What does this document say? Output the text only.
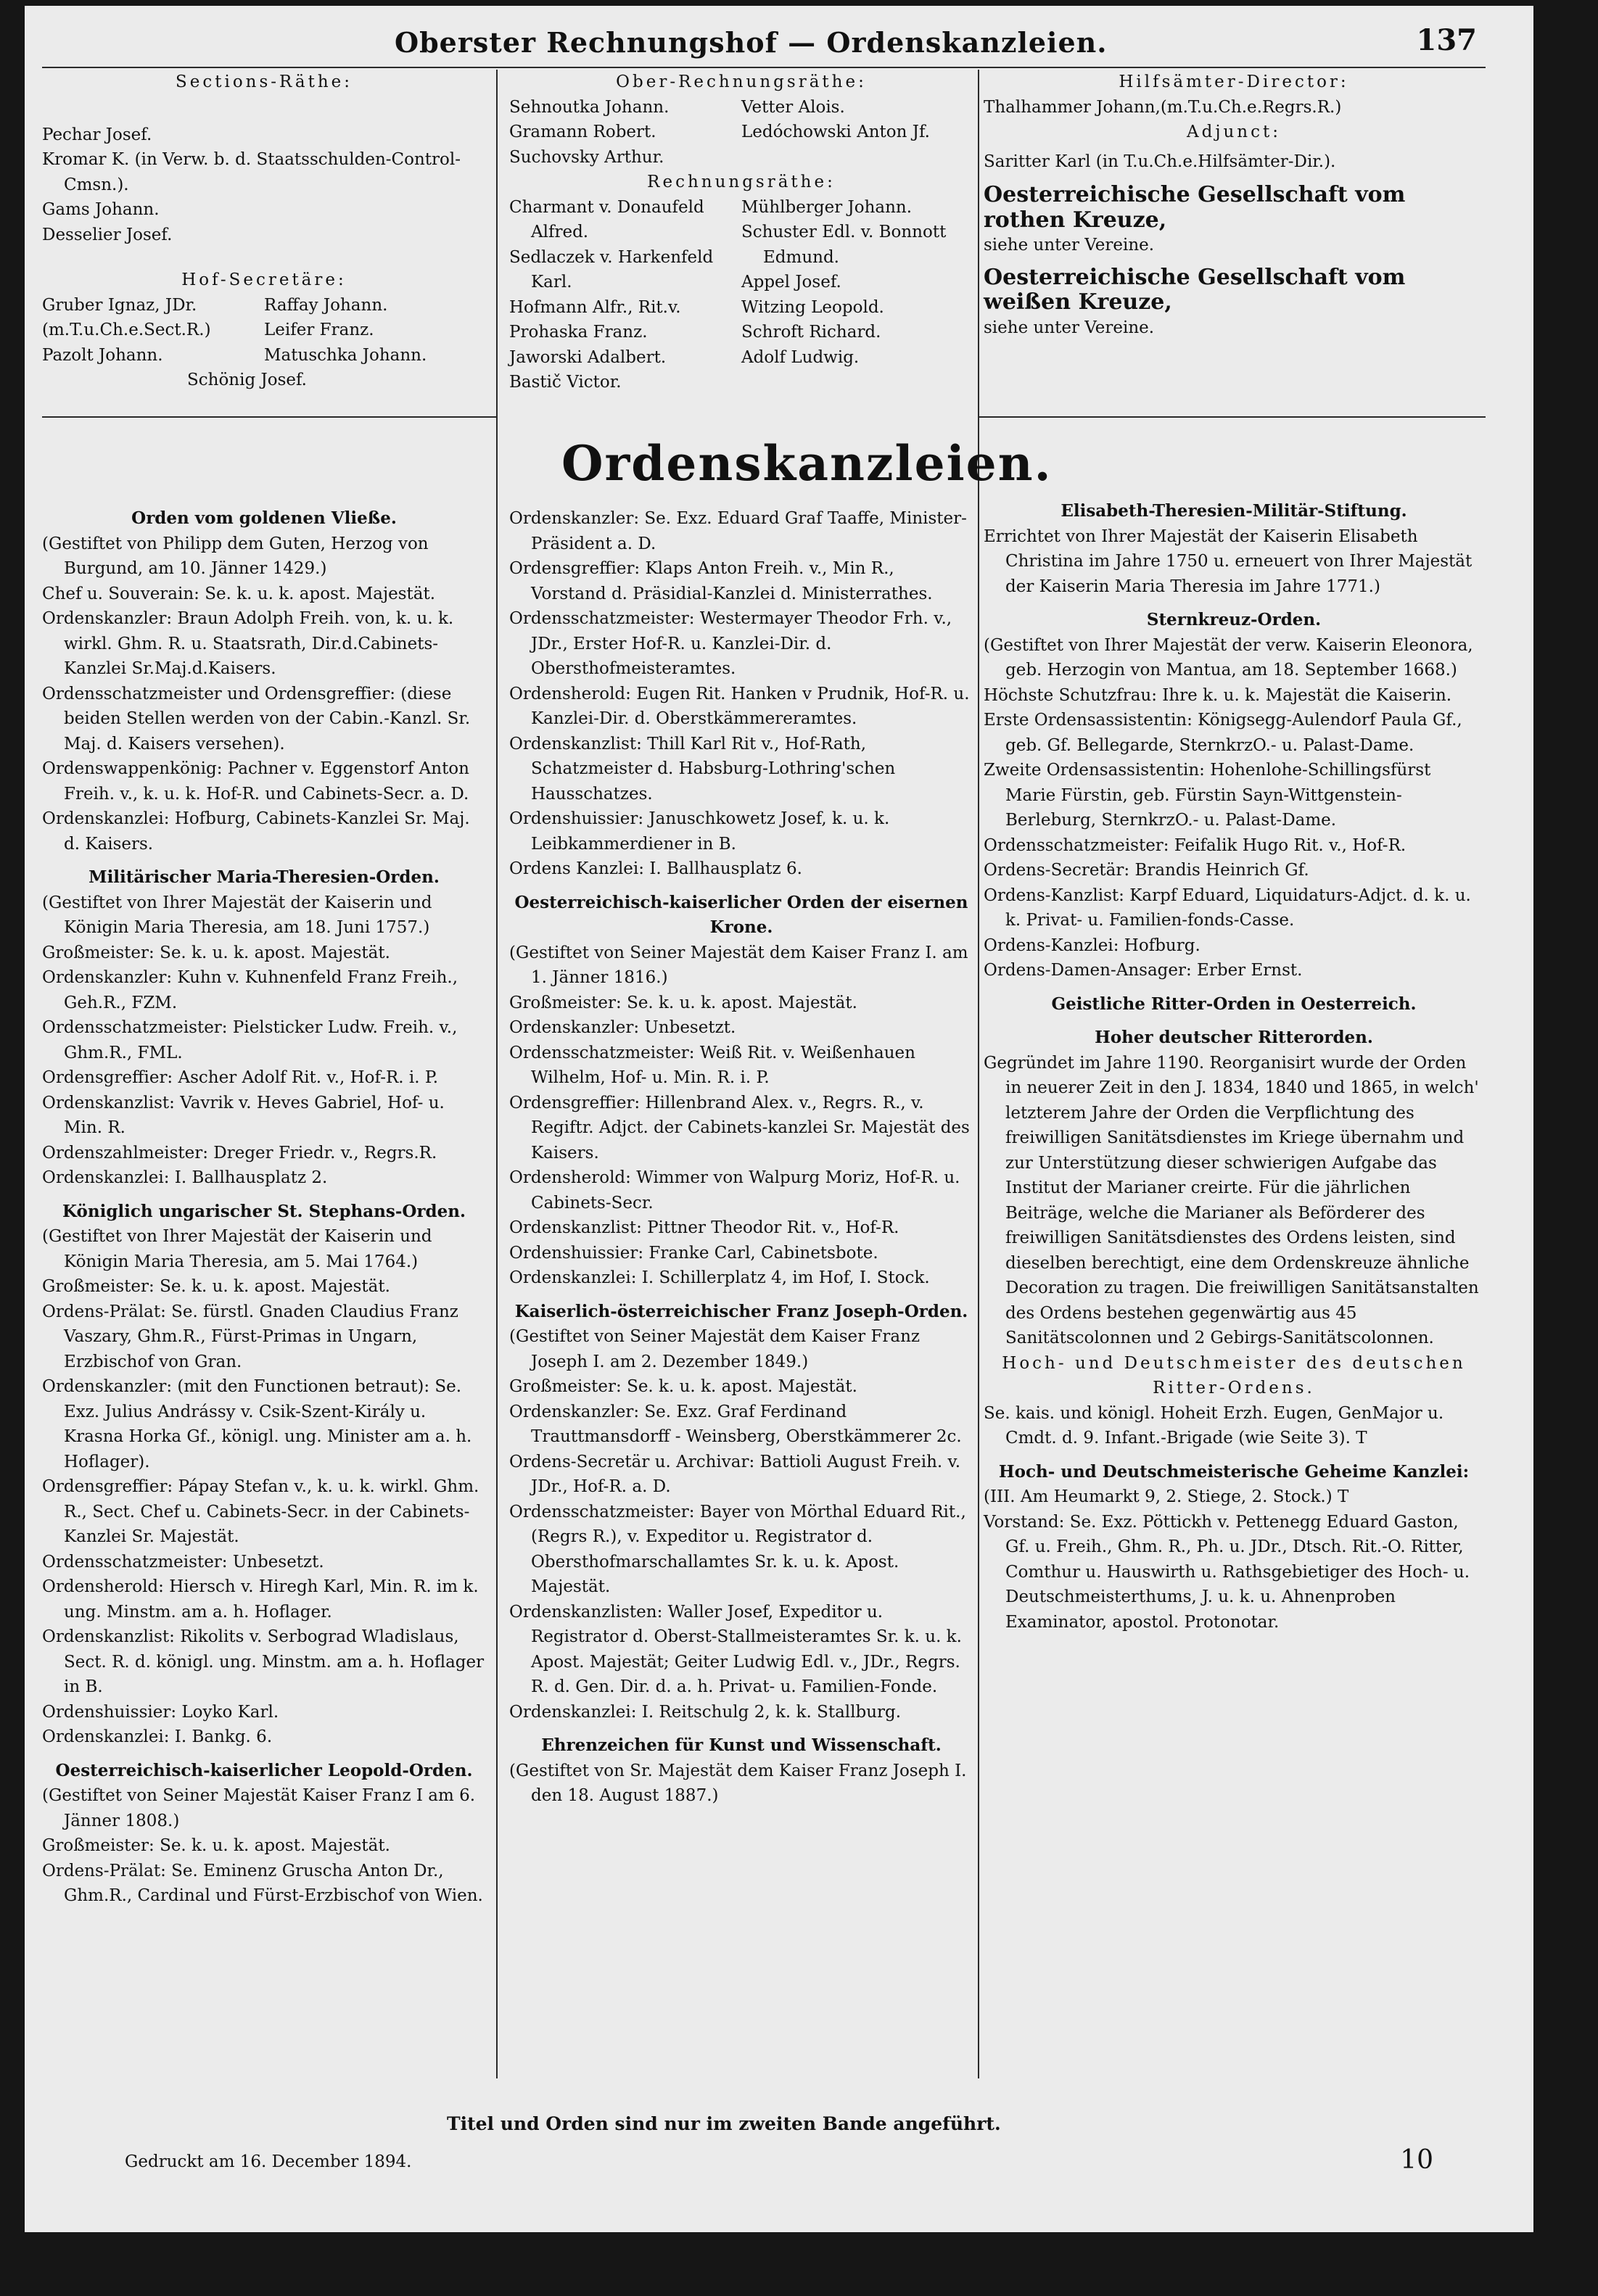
Oberster Rechnungshof — Ordenskanzleien.	137

Sections-Räthe:

Pechar Josef.

Kromar K. (in Verw. b. d. Staatsschulden-Control-Cmsn.).

Gams Johann.

Desselier Josef.

Hof-Secretäre:

Gruber Ignaz, JDr.

(m.T.u.Ch.e.Sect.R.)

Pazolt Johann.

Raffay Johann.

Leifer Franz.

Matuschka Johann.

Schönig Josef.

Ober-Rechnungsräthe:

Sehnoutka Johann.

Gramann Robert.

Suchovsky Arthur.

Vetter Alois.

Ledóchowski Anton Jf.

Rechnungsräthe:

Charmant v. Donaufeld Alfred.

Sedlaczek v. Harkenfeld Karl.

Hofmann Alfr., Rit.v.

Prohaska Franz.

Jaworski Adalbert.

Bastič Victor.

Mühlberger Johann.

Schuster Edl. v. Bonnott Edmund.

Appel Josef.

Witzing Leopold.

Schroft Richard.

Adolf Ludwig.

Hilfsämter-Director:

Thalhammer Johann,(m.T.u.Ch.e.Regrs.R.)

Adjunct:

Saritter Karl (in T.u.Ch.e.Hilfsämter-Dir.).

Oesterreichische Gesellschaft vom rothen Kreuze,

siehe unter Vereine.

Oesterreichische Gesellschaft vom weißen Kreuze,

siehe unter Vereine.

Ordenskanzleien.

Orden vom goldenen Vließe.

(Gestiftet von Philipp dem Guten, Herzog von Burgund, am 10. Jänner 1429.)

Chef u. Souverain: Se. k. u. k. apost. Majestät.

Ordenskanzler: Braun Adolph Freih. von, k. u. k. wirkl. Ghm. R. u. Staatsrath, Dir.d.Cabinets-Kanzlei Sr.Maj.d.Kaisers.

Ordensschatzmeister und Ordensgreffier: (diese beiden Stellen werden von der Cabin.-Kanzl. Sr. Maj. d. Kaisers versehen).

Ordenswappenkönig: Pachner v. Eggenstorf Anton Freih. v., k. u. k. Hof-R. und Cabinets-Secr. a. D.

Ordenskanzlei: Hofburg, Cabinets-Kanzlei Sr. Maj. d. Kaisers.

Militärischer Maria-Theresien-Orden.

(Gestiftet von Ihrer Majestät der Kaiserin und Königin Maria Theresia, am 18. Juni 1757.)

Großmeister: Se. k. u. k. apost. Majestät.

Ordenskanzler: Kuhn v. Kuhnenfeld Franz Freih., Geh.R., FZM.

Ordensschatzmeister: Pielsticker Ludw. Freih. v., Ghm.R., FML.

Ordensgreffier: Ascher Adolf Rit. v., Hof-R. i. P.

Ordenskanzlist: Vavrik v. Heves Gabriel, Hof- u. Min. R.

Ordenszahlmeister: Dreger Friedr. v., Regrs.R.

Ordenskanzlei: I. Ballhausplatz 2.

Königlich ungarischer St. Stephans-Orden.

(Gestiftet von Ihrer Majestät der Kaiserin und Königin Maria Theresia, am 5. Mai 1764.)

Großmeister: Se. k. u. k. apost. Majestät.

Ordens-Prälat: Se. fürstl. Gnaden Claudius Franz Vaszary, Ghm.R., Fürst-Primas in Ungarn, Erzbischof von Gran.

Ordenskanzler: (mit den Functionen betraut): Se. Exz. Julius Andrássy v. Csik-Szent-Király u. Krasna Horka Gf., königl. ung. Minister am a. h. Hoflager).

Ordensgreffier: Pápay Stefan v., k. u. k. wirkl. Ghm. R., Sect. Chef u. Cabinets-Secr. in der Cabinets-Kanzlei Sr. Majestät.

Ordensschatzmeister: Unbesetzt.

Ordensherold: Hiersch v. Hiregh Karl, Min. R. im k. ung. Minstm. am a. h. Hoflager.

Ordenskanzlist: Rikolits v. Serbograd Wladislaus, Sect. R. d. königl. ung. Minstm. am a. h. Hoflager in B.

Ordenshuissier: Loyko Karl.

Ordenskanzlei: I. Bankg. 6.

Oesterreichisch-kaiserlicher Leopold-Orden.

(Gestiftet von Seiner Majestät Kaiser Franz I am 6. Jänner 1808.)

Großmeister: Se. k. u. k. apost. Majestät.

Ordens-Prälat: Se. Eminenz Gruscha Anton Dr., Ghm.R., Cardinal und Fürst-Erzbischof von Wien.

Ordenskanzler: Se. Exz. Eduard Graf Taaffe, Minister-Präsident a. D.

Ordensgreffier: Klaps Anton Freih. v., Min R., Vorstand d. Präsidial-Kanzlei d. Ministerrathes.

Ordensschatzmeister: Westermayer Theodor Frh. v., JDr., Erster Hof-R. u. Kanzlei-Dir. d. Obersthofmeisteramtes.

Ordensherold: Eugen Rit. Hanken v Prudnik, Hof-R. u. Kanzlei-Dir. d. Oberstkämmereramtes.

Ordenskanzlist: Thill Karl Rit v., Hof-Rath, Schatzmeister d. Habsburg-Lothring'schen Hausschatzes.

Ordenshuissier: Januschkowetz Josef, k. u. k. Leibkammerdiener in B.

Ordens Kanzlei: I. Ballhausplatz 6.

Oesterreichisch-kaiserlicher Orden der eisernen Krone.

(Gestiftet von Seiner Majestät dem Kaiser Franz I. am 1. Jänner 1816.)

Großmeister: Se. k. u. k. apost. Majestät.

Ordenskanzler: Unbesetzt.

Ordensschatzmeister: Weiß Rit. v. Weißenhauen Wilhelm, Hof- u. Min. R. i. P.

Ordensgreffier: Hillenbrand Alex. v., Regrs. R., v. Regiftr. Adjct. der Cabinets-kanzlei Sr. Majestät des Kaisers.

Ordensherold: Wimmer von Walpurg Moriz, Hof-R. u. Cabinets-Secr.

Ordenskanzlist: Pittner Theodor Rit. v., Hof-R.

Ordenshuissier: Franke Carl, Cabinetsbote.

Ordenskanzlei: I. Schillerplatz 4, im Hof, I. Stock.

Kaiserlich-österreichischer Franz Joseph-Orden.

(Gestiftet von Seiner Majestät dem Kaiser Franz Joseph I. am 2. Dezember 1849.)

Großmeister: Se. k. u. k. apost. Majestät.

Ordenskanzler: Se. Exz. Graf Ferdinand Trauttmansdorff - Weinsberg, Oberstkämmerer 2c.

Ordens-Secretär u. Archivar: Battioli August Freih. v. JDr., Hof-R. a. D.

Ordensschatzmeister: Bayer von Mörthal Eduard Rit., (Regrs R.), v. Expeditor u. Registrator d. Obersthofmarschallamtes Sr. k. u. k. Apost. Majestät.

Ordenskanzlisten: Waller Josef, Expeditor u. Registrator d. Oberst-Stallmeisteramtes Sr. k. u. k. Apost. Majestät; Geiter Ludwig Edl. v., JDr., Regrs. R. d. Gen. Dir. d. a. h. Privat- u. Familien-Fonde.

Ordenskanzlei: I. Reitschulg 2, k. k. Stallburg.

Ehrenzeichen für Kunst und Wissenschaft.

(Gestiftet von Sr. Majestät dem Kaiser Franz Joseph I. den 18. August 1887.)

Elisabeth-Theresien-Militär-Stiftung.

Errichtet von Ihrer Majestät der Kaiserin Elisabeth Christina im Jahre 1750 u. erneuert von Ihrer Majestät der Kaiserin Maria Theresia im Jahre 1771.)

Sternkreuz-Orden.

(Gestiftet von Ihrer Majestät der verw. Kaiserin Eleonora, geb. Herzogin von Mantua, am 18. September 1668.)

Höchste Schutzfrau: Ihre k. u. k. Majestät die Kaiserin.

Erste Ordensassistentin: Königsegg-Aulendorf Paula Gf., geb. Gf. Bellegarde, SternkrzO.- u. Palast-Dame.

Zweite Ordensassistentin: Hohenlohe-Schillingsfürst Marie Fürstin, geb. Fürstin Sayn-Wittgenstein-Berleburg, SternkrzO.- u. Palast-Dame.

Ordensschatzmeister: Feifalik Hugo Rit. v., Hof-R.

Ordens-Secretär: Brandis Heinrich Gf.

Ordens-Kanzlist: Karpf Eduard, Liquidaturs-Adjct. d. k. u. k. Privat- u. Familien-fonds-Casse.

Ordens-Kanzlei: Hofburg.

Ordens-Damen-Ansager: Erber Ernst.

Geistliche Ritter-Orden in Oesterreich.

Hoher deutscher Ritterorden.

Gegründet im Jahre 1190. Reorganisirt wurde der Orden in neuerer Zeit in den J. 1834, 1840 und 1865, in welch' letzterem Jahre der Orden die Verpflichtung des freiwilligen Sanitätsdienstes im Kriege übernahm und zur Unterstützung dieser schwierigen Aufgabe das Institut der Marianer creirte. Für die jährlichen Beiträge, welche die Marianer als Beförderer des freiwilligen Sanitätsdienstes des Ordens leisten, sind dieselben berechtigt, eine dem Ordenskreuze ähnliche Decoration zu tragen. Die freiwilligen Sanitätsanstalten des Ordens bestehen gegenwärtig aus 45 Sanitätscolonnen und 2 Gebirgs-Sanitätscolonnen.

Hoch- und Deutschmeister des deutschen Ritter-Ordens.

Se. kais. und königl. Hoheit Erzh. Eugen, GenMajor u. Cmdt. d. 9. Infant.-Brigade (wie Seite 3). T

Hoch- und Deutschmeisterische Geheime Kanzlei:

(III. Am Heumarkt 9, 2. Stiege, 2. Stock.) T

Vorstand: Se. Exz. Pöttickh v. Pettenegg Eduard Gaston, Gf. u. Freih., Ghm. R., Ph. u. JDr., Dtsch. Rit.-O. Ritter, Comthur u. Hauswirth u. Rathsgebietiger des Hoch- u. Deutschmeisterthums, J. u. k. u. Ahnenproben Examinator, apostol. Protonotar.

Titel und Orden sind nur im zweiten Bande angeführt.
Gedruckt am 16. December 1894.	10
